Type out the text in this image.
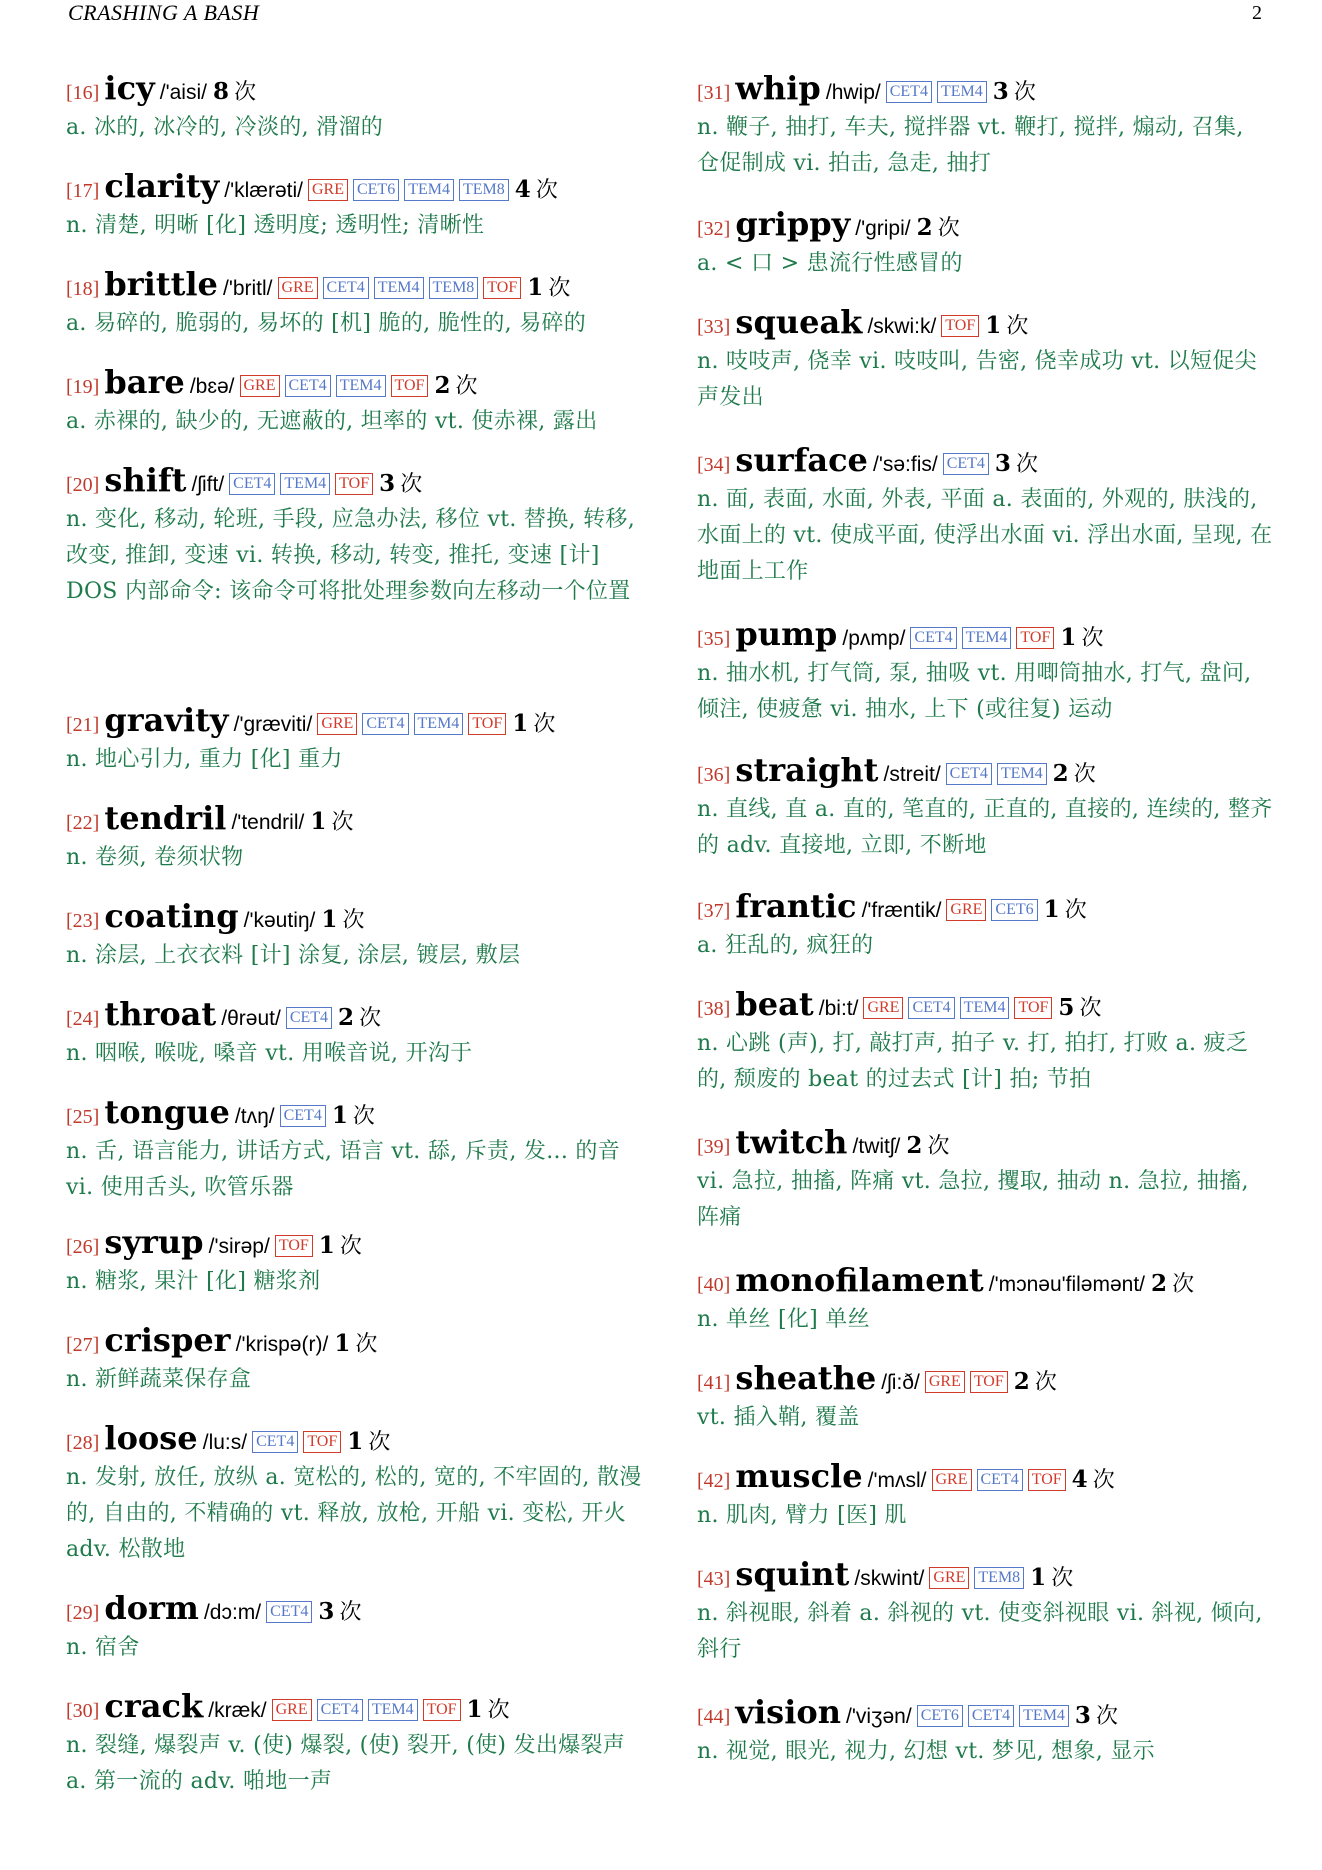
CRASHING A BASH	2
[16] icy /'aisi/ 8 次
a. 冰的, 冰冷的, 冷淡的, 滑溜的
[17] clarity /'klærəti/ GRE CET6 TEM4 TEM8 4 次
n. 清楚, 明晰 [化] 透明度; 透明性; 清晰性
[18] brittle /'britl/ GRE CET4 TEM4 TEM8 TOF 1 次
a. 易碎的, 脆弱的, 易坏的 [机] 脆的, 脆性的, 易碎的
[19] bare /bɛə/ GRE CET4 TEM4 TOF 2 次
a. 赤裸的, 缺少的, 无遮蔽的, 坦率的 vt. 使赤裸, 露出
[20] shift /ʃift/ CET4 TEM4 TOF 3 次
n. 变化, 移动, 轮班, 手段, 应急办法, 移位 vt. 替换, 转移, 改变, 推卸, 变速 vi. 转换, 移动, 转变, 推托, 变速 [计] DOS 内部命令: 该命令可将批处理参数向左移动一个位置
[21] gravity /'græviti/ GRE CET4 TEM4 TOF 1 次
n. 地心引力, 重力 [化] 重力
[22] tendril /'tendril/ 1 次
n. 卷须, 卷须状物
[23] coating /'kəutiŋ/ 1 次
n. 涂层, 上衣衣料 [计] 涂复, 涂层, 镀层, 敷层
[24] throat /θrəut/ CET4 2 次
n. 咽喉, 喉咙, 嗓音 vt. 用喉音说, 开沟于
[25] tongue /tʌŋ/ CET4 1 次
n. 舌, 语言能力, 讲话方式, 语言 vt. 舔, 斥责, 发... 的音 vi. 使用舌头, 吹管乐器
[26] syrup /'sirəp/ TOF 1 次
n. 糖浆, 果汁 [化] 糖浆剂
[27] crisper /'krispə(r)/ 1 次
n. 新鲜蔬菜保存盒
[28] loose /lu:s/ CET4 TOF 1 次
n. 发射, 放任, 放纵 a. 宽松的, 松的, 宽的, 不牢固的, 散漫的, 自由的, 不精确的 vt. 释放, 放枪, 开船 vi. 变松, 开火 adv. 松散地
[29] dorm /dɔ:m/ CET4 3 次
n. 宿舍
[30] crack /kræk/ GRE CET4 TEM4 TOF 1 次
n. 裂缝, 爆裂声 v. (使) 爆裂, (使) 裂开, (使) 发出爆裂声 a. 第一流的 adv. 啪地一声
[31] whip /hwip/ CET4 TEM4 3 次
n. 鞭子, 抽打, 车夫, 搅拌器 vt. 鞭打, 搅拌, 煽动, 召集, 仓促制成 vi. 拍击, 急走, 抽打
[32] grippy /'gripi/ 2 次
a. < 口 > 患流行性感冒的
[33] squeak /skwi:k/ TOF 1 次
n. 吱吱声, 侥幸 vi. 吱吱叫, 告密, 侥幸成功 vt. 以短促尖声发出
[34] surface /'sə:fis/ CET4 3 次
n. 面, 表面, 水面, 外表, 平面 a. 表面的, 外观的, 肤浅的, 水面上的 vt. 使成平面, 使浮出水面 vi. 浮出水面, 呈现, 在地面上工作
[35] pump /pʌmp/ CET4 TEM4 TOF 1 次
n. 抽水机, 打气筒, 泵, 抽吸 vt. 用唧筒抽水, 打气, 盘问, 倾注, 使疲惫 vi. 抽水, 上下 (或往复) 运动
[36] straight /streit/ CET4 TEM4 2 次
n. 直线, 直 a. 直的, 笔直的, 正直的, 直接的, 连续的, 整齐的 adv. 直接地, 立即, 不断地
[37] frantic /'fræntik/ GRE CET6 1 次
a. 狂乱的, 疯狂的
[38] beat /bi:t/ GRE CET4 TEM4 TOF 5 次
n. 心跳 (声), 打, 敲打声, 拍子 v. 打, 拍打, 打败 a. 疲乏的, 颓废的 beat 的过去式 [计] 拍; 节拍
[39] twitch /twitʃ/ 2 次
vi. 急拉, 抽搐, 阵痛 vt. 急拉, 攫取, 抽动 n. 急拉, 抽搐, 阵痛
[40] monofilament /'mɔnəu'filəmənt/ 2 次
n. 单丝 [化] 单丝
[41] sheathe /ʃi:ð/ GRE TOF 2 次
vt. 插入鞘, 覆盖
[42] muscle /'mʌsl/ GRE CET4 TOF 4 次
n. 肌肉, 臂力 [医] 肌
[43] squint /skwint/ GRE TEM8 1 次
n. 斜视眼, 斜着 a. 斜视的 vt. 使变斜视眼 vi. 斜视, 倾向, 斜行
[44] vision /'viʒən/ CET6 CET4 TEM4 3 次
n. 视觉, 眼光, 视力, 幻想 vt. 梦见, 想象, 显示
